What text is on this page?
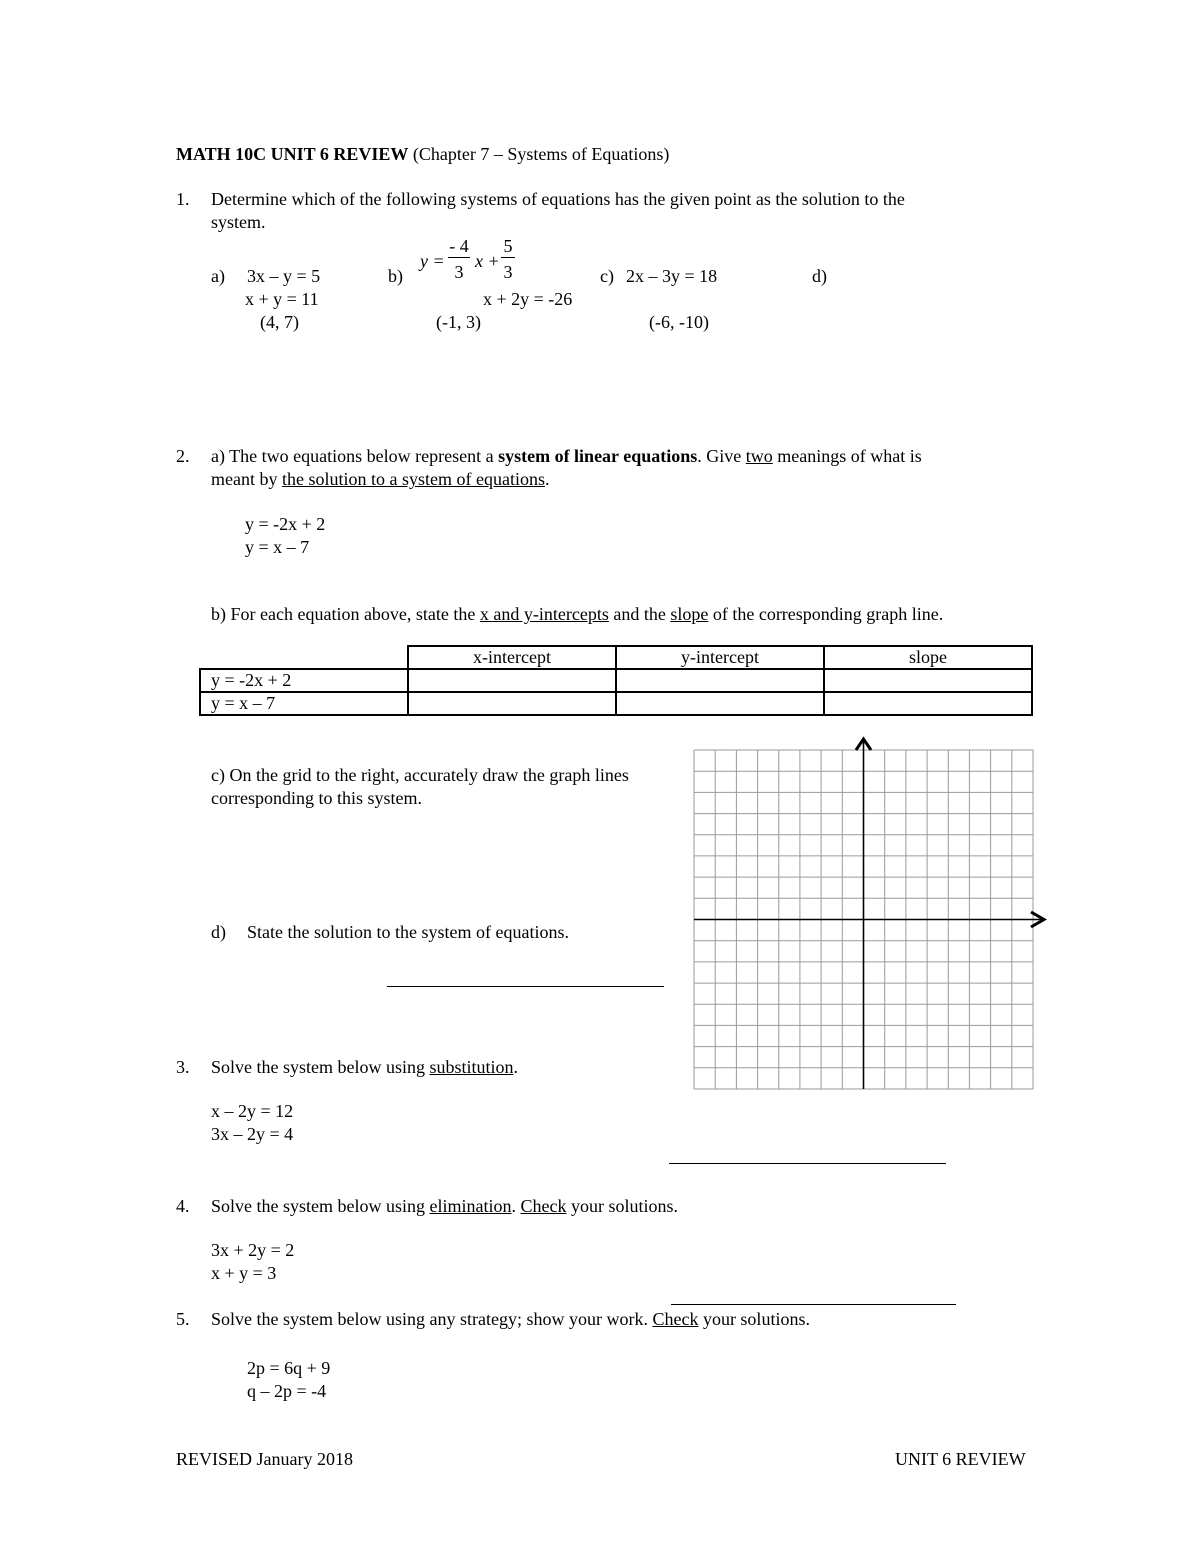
MATH 10C UNIT 6 REVIEW (Chapter 7 – Systems of Equations)
1. Determine which of the following systems of equations has the given point as the solution to the
system.
a) 3x – y = 5
x + y = 11
(4, 7)
b)
y =
- 4
3
x +
5
3
x + 2y = -26
(-1, 3)
c) 2x – 3y = 18
(-6, -10)
d)
2. a) The two equations below represent a system of linear equations. Give two meanings of what is
meant by the solution to a system of equations.
y = -2x + 2
y = x – 7
b) For each equation above, state the x and y-intercepts and the slope of the corresponding graph line.
	x-intercept	y-intercept	slope
y = -2x + 2			
y = x – 7			
c) On the grid to the right, accurately draw the graph lines
corresponding to this system.
d) State the solution to the system of equations.
3. Solve the system below using substitution.
x – 2y = 12
3x – 2y = 4
4. Solve the system below using elimination. Check your solutions.
3x + 2y = 2
x + y = 3
5. Solve the system below using any strategy; show your work. Check your solutions.
2p = 6q + 9
q – 2p = -4
REVISED January 2018	UNIT 6 REVIEW
